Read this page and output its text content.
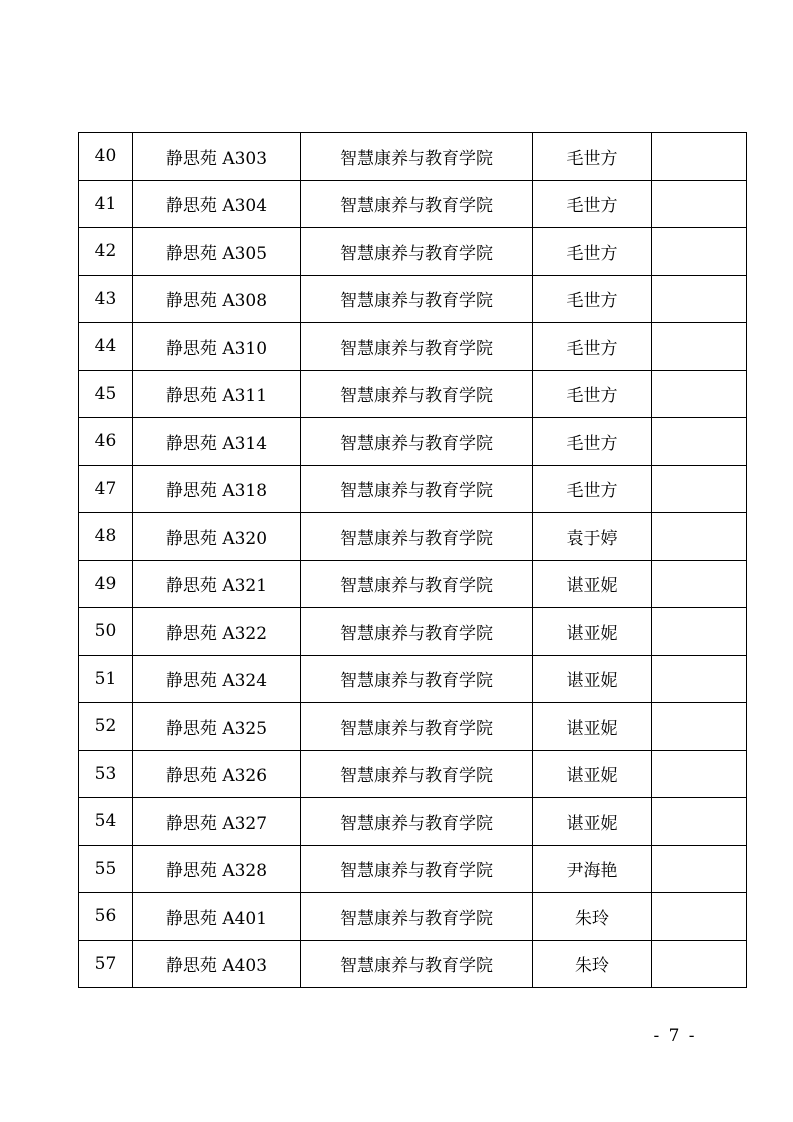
40	静思苑 A303	智慧康养与教育学院	毛世方	
41	静思苑 A304	智慧康养与教育学院	毛世方	
42	静思苑 A305	智慧康养与教育学院	毛世方	
43	静思苑 A308	智慧康养与教育学院	毛世方	
44	静思苑 A310	智慧康养与教育学院	毛世方	
45	静思苑 A311	智慧康养与教育学院	毛世方	
46	静思苑 A314	智慧康养与教育学院	毛世方	
47	静思苑 A318	智慧康养与教育学院	毛世方	
48	静思苑 A320	智慧康养与教育学院	袁于婷	
49	静思苑 A321	智慧康养与教育学院	谌亚妮	
50	静思苑 A322	智慧康养与教育学院	谌亚妮	
51	静思苑 A324	智慧康养与教育学院	谌亚妮	
52	静思苑 A325	智慧康养与教育学院	谌亚妮	
53	静思苑 A326	智慧康养与教育学院	谌亚妮	
54	静思苑 A327	智慧康养与教育学院	谌亚妮	
55	静思苑 A328	智慧康养与教育学院	尹海艳	
56	静思苑 A401	智慧康养与教育学院	朱玲	
57	静思苑 A403	智慧康养与教育学院	朱玲	
- 7 -
